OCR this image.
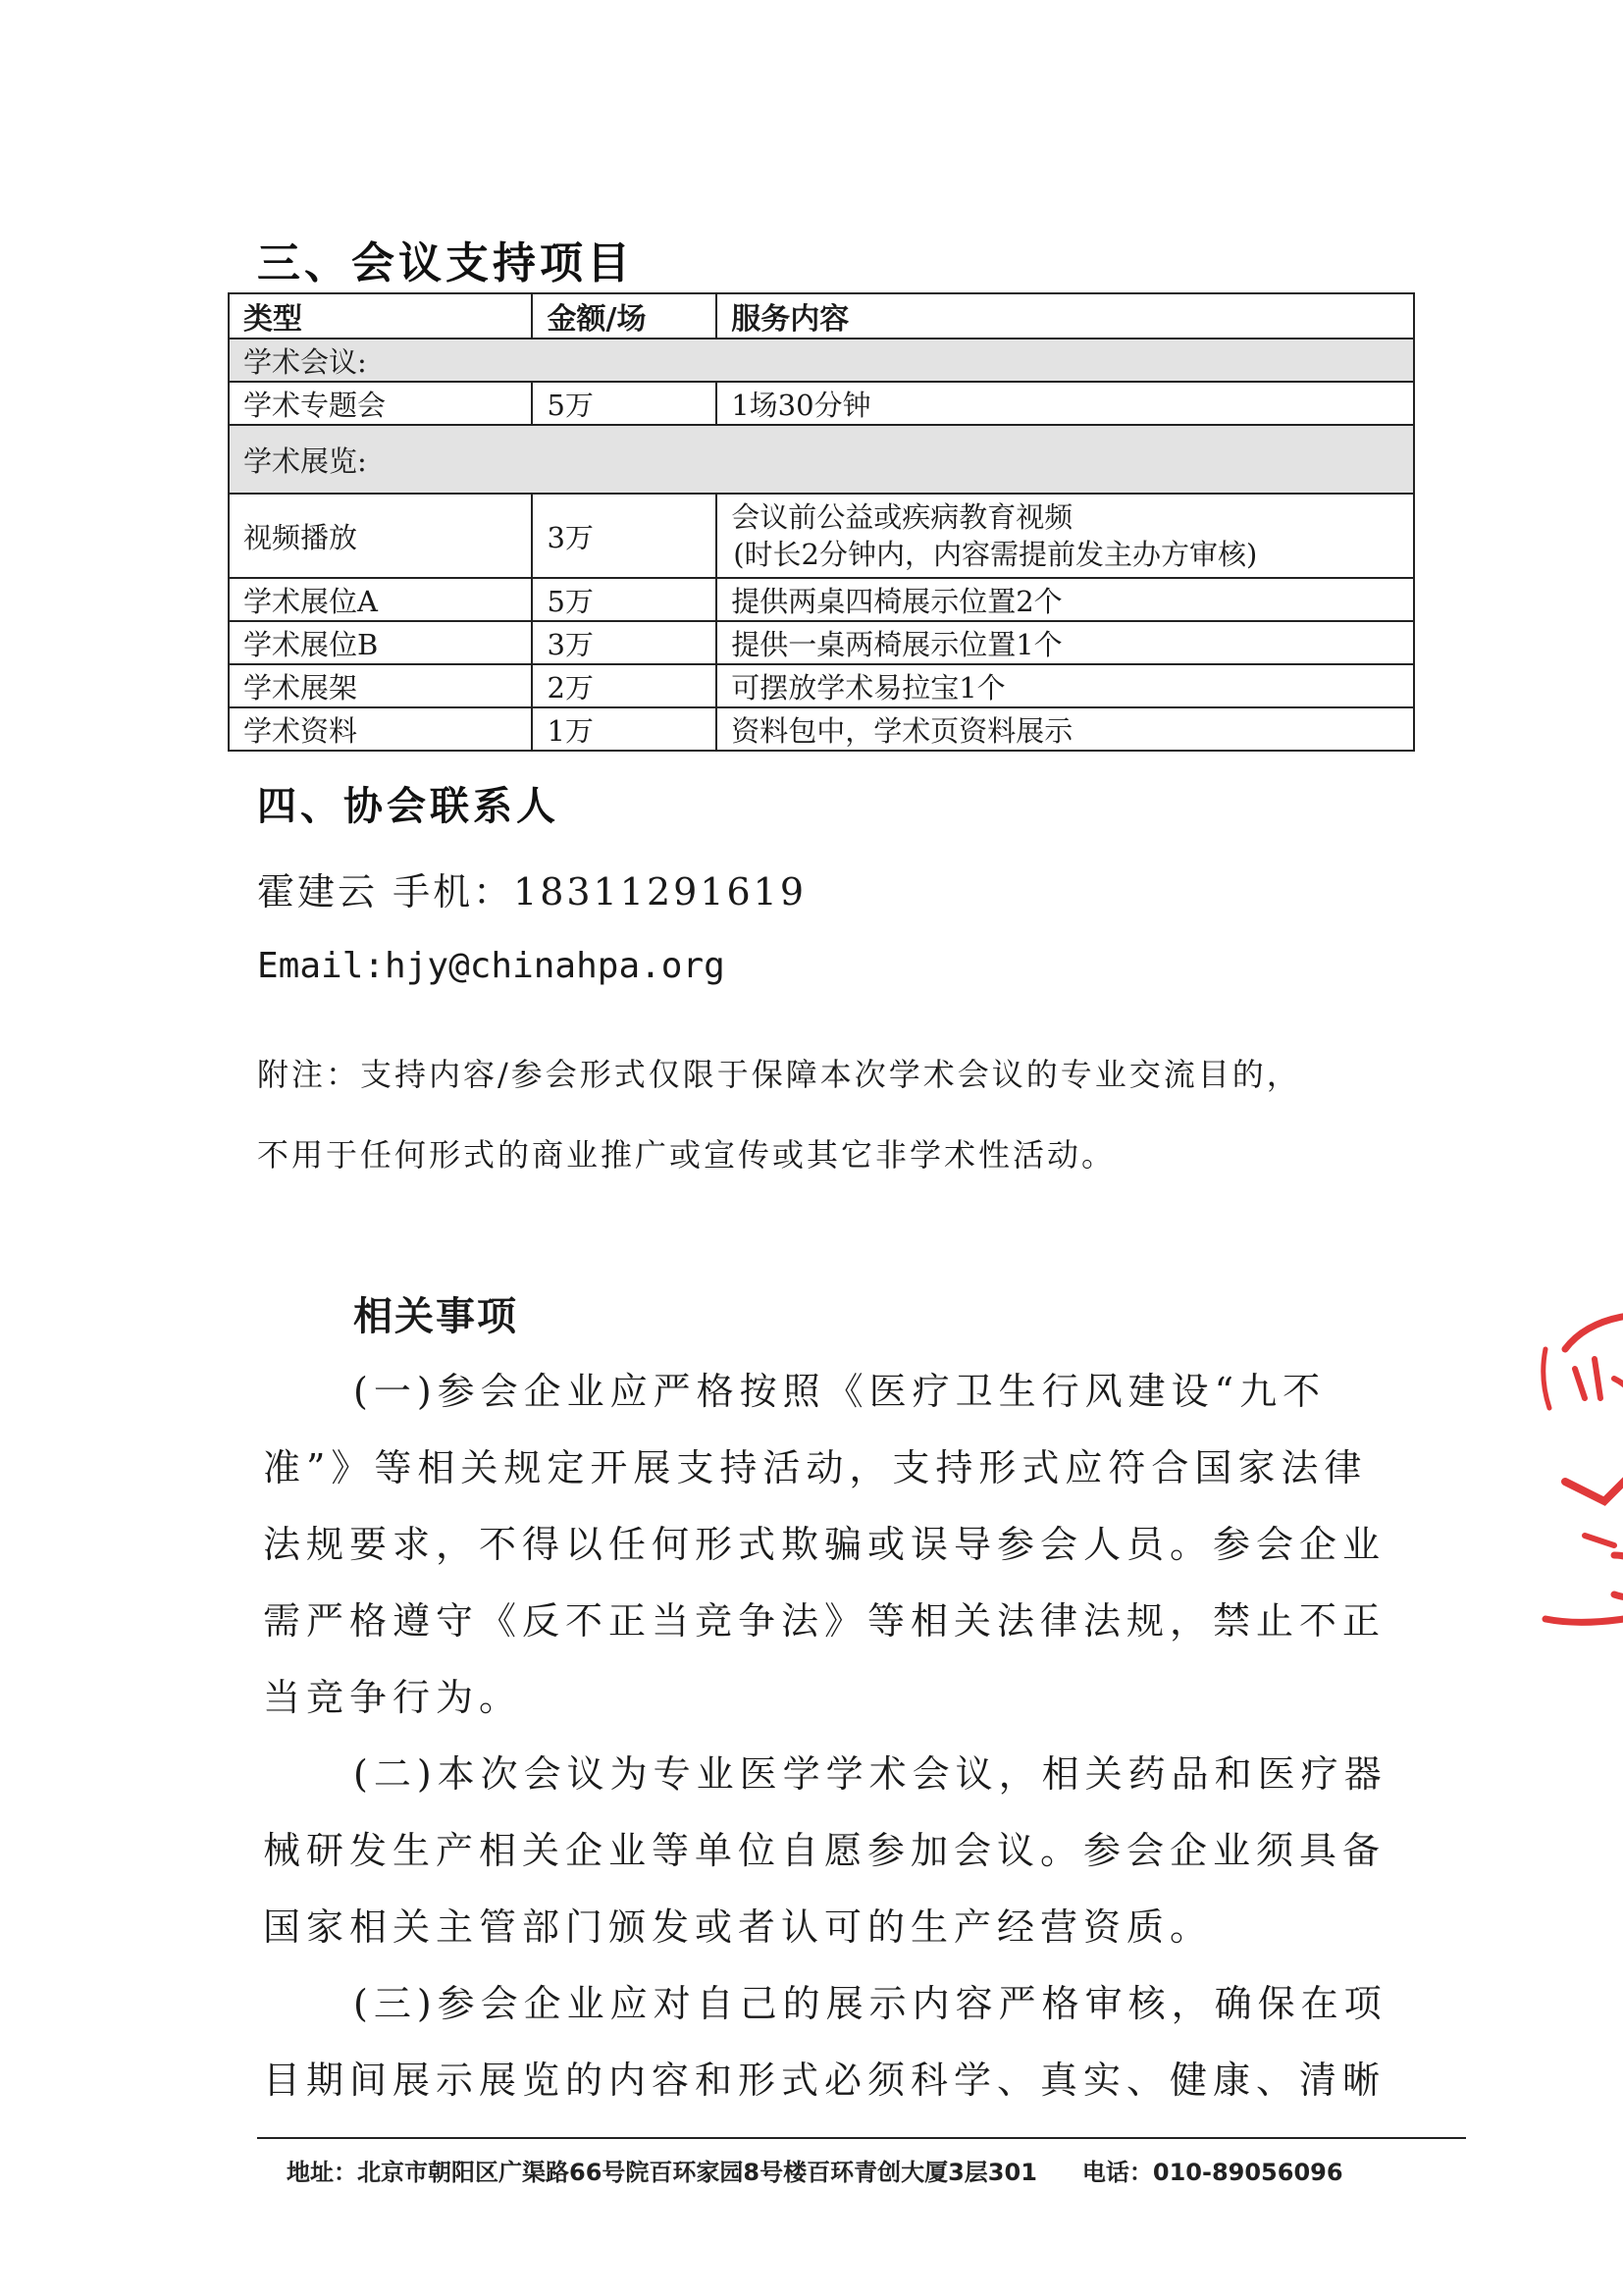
三、会议支持项目
类型	金额/场	服务内容
学术会议:		
学术专题会	5万	1场30分钟
学术展览:		
视频播放	3万	会议前公益或疾病教育视频
(时长2分钟内，内容需提前发主办方审核)

学术展位A	5万	提供两桌四椅展示位置2个
学术展位B	3万	提供一桌两椅展示位置1个
学术展架	2万	可摆放学术易拉宝1个
学术资料	1万	资料包中，学术页资料展示
四、协会联系人
霍建云 手机：18311291619
Email:hjy@chinahpa.org
附注：支持内容/参会形式仅限于保障本次学术会议的专业交流目的，
不用于任何形式的商业推广或宣传或其它非学术性活动。
相关事项
(一)参会企业应严格按照《医疗卫生行风建设“九不
准”》等相关规定开展支持活动，支持形式应符合国家法律
法规要求，不得以任何形式欺骗或误导参会人员。参会企业
需严格遵守《反不正当竞争法》等相关法律法规，禁止不正
当竞争行为。
(二)本次会议为专业医学学术会议，相关药品和医疗器
械研发生产相关企业等单位自愿参加会议。参会企业须具备
国家相关主管部门颁发或者认可的生产经营资质。
(三)参会企业应对自己的展示内容严格审核，确保在项
目期间展示展览的内容和形式必须科学、真实、健康、清晰
地址：北京市朝阳区广渠路66号院百环家园8号楼百环青创大厦3层301 电话：010-89056096
